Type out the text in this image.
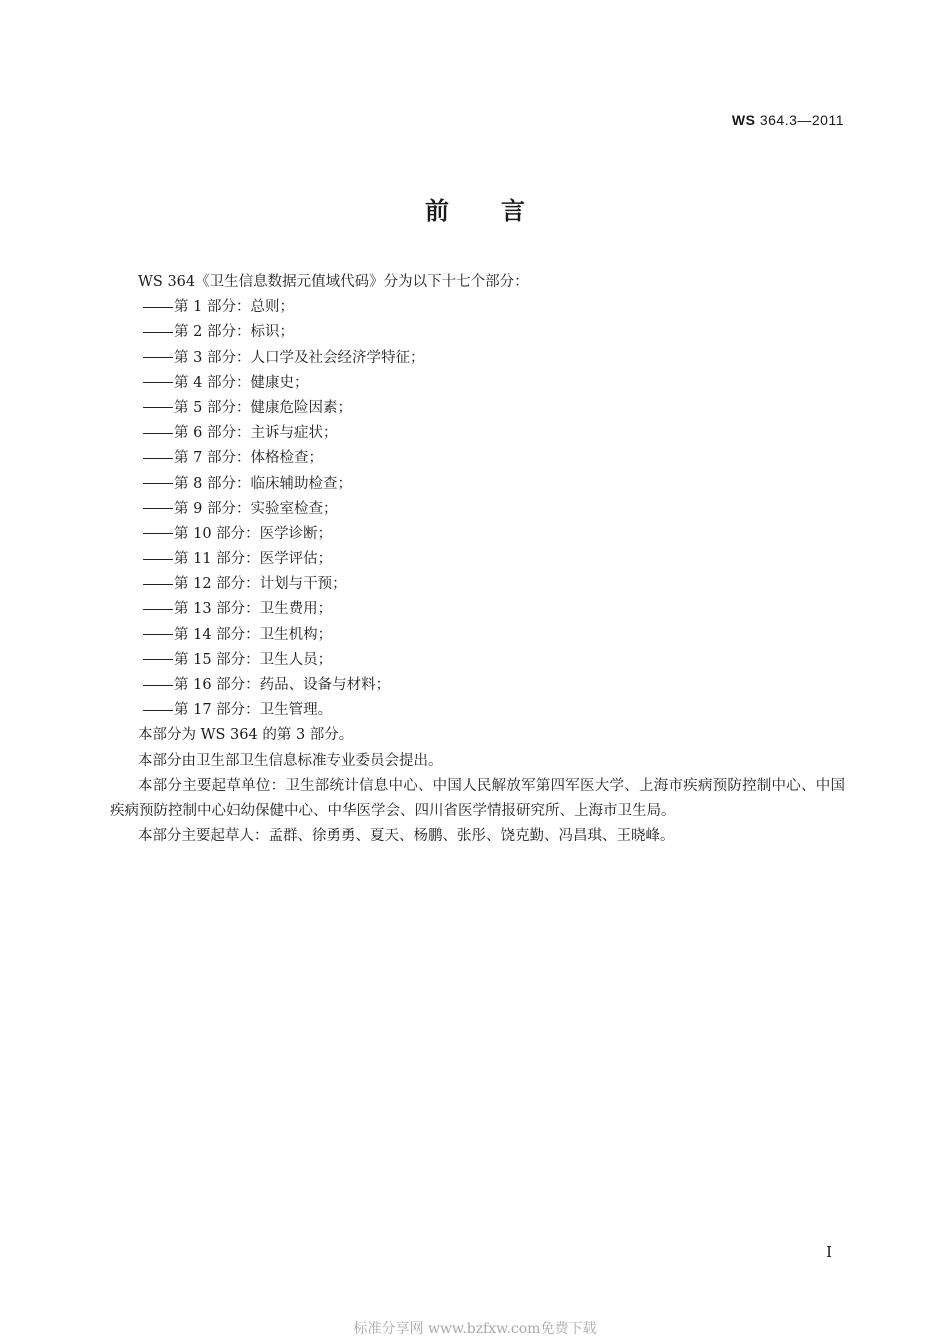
WS 364.3—2011
前言
WS 364《卫生信息数据元值域代码》分为以下十七个部分：
第 1 部分：总则；
第 2 部分：标识；
第 3 部分：人口学及社会经济学特征；
第 4 部分：健康史；
第 5 部分：健康危险因素；
第 6 部分：主诉与症状；
第 7 部分：体格检查；
第 8 部分：临床辅助检查；
第 9 部分：实验室检查；
第 10 部分：医学诊断；
第 11 部分：医学评估；
第 12 部分：计划与干预；
第 13 部分：卫生费用；
第 14 部分：卫生机构；
第 15 部分：卫生人员；
第 16 部分：药品、设备与材料；
第 17 部分：卫生管理。
本部分为 WS 364 的第 3 部分。
本部分由卫生部卫生信息标准专业委员会提出。
本部分主要起草单位：卫生部统计信息中心、中国人民解放军第四军医大学、上海市疾病预防控制中心、中国疾病预防控制中心妇幼保健中心、中华医学会、四川省医学情报研究所、上海市卫生局。
本部分主要起草人：孟群、徐勇勇、夏天、杨鹏、张彤、饶克勤、冯昌琪、王晓峰。
I
标准分享网 www.bzfxw.com免费下载
